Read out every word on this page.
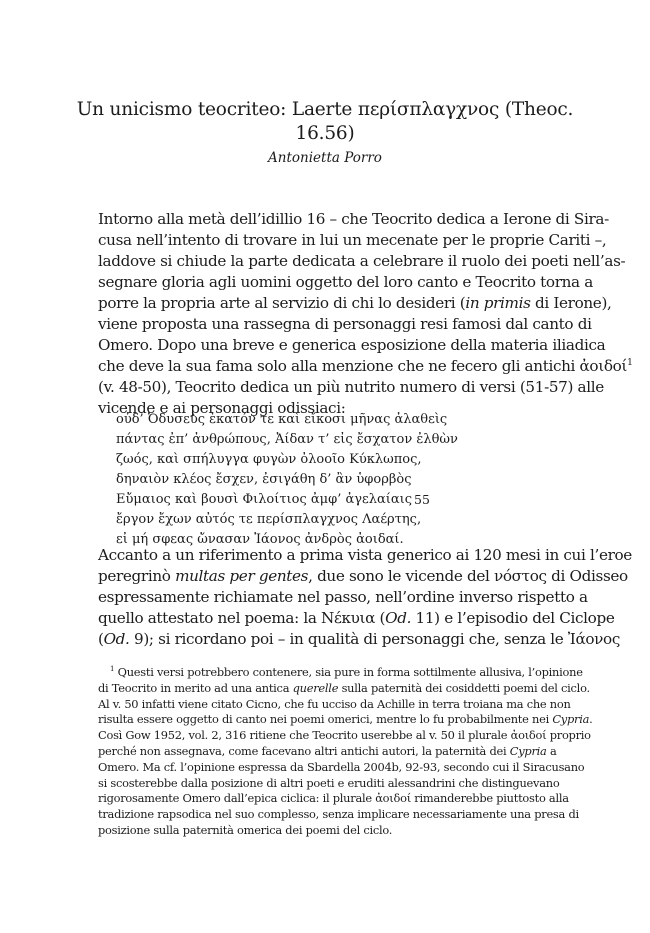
Un unicismo teocriteo: Laerte περίσπλαγχνος (Theoc. 16.56)
Antonietta Porro
Intorno alla metà dell’idillio 16 – che Teocrito dedica a Ierone di Sira-
cusa nell’intento di trovare in lui un mecenate per le proprie Cariti –,
laddove si chiude la parte dedicata a celebrare il ruolo dei poeti nell’as-
segnare gloria agli uomini oggetto del loro canto e Teocrito torna a
porre la propria arte al servizio di chi lo desideri (in primis di Ierone),
viene proposta una rassegna di personaggi resi famosi dal canto di
Omero. Dopo una breve e generica esposizione della materia iliadica
che deve la sua fama solo alla menzione che ne fecero gli antichi ἀοιδοί$^1$
(v. 48-50), Teocrito dedica un più nutrito numero di versi (51-57) alle
vicende e ai personaggi odissiaci:
οὐδ’ Ὀδυσεὺς ἑκατόν τε καὶ εἴκοσι μῆνας ἀλαθεὶς
πάντας ἐπ’ ἀνθρώπους, Ἀίδαν τ’ εἰς ἔσχατον ἐλθὼν
ζωός, καὶ σπήλυγγα φυγὼν ὀλοοῖο Κύκλωπος,
δηναιὸν κλέος ἔσχεν, ἐσιγάθη δ’ ἂν ὑφορβὸς
Εὔμαιος καὶ βουσὶ Φιλοίτιος ἀμφ’ ἀγελαίαις 55
ἔργον ἔχων αὐτός τε περίσπλαγχνος Λαέρτης,
εἰ μή σφεας ὤνασαν Ἰάονος ἀνδρὸς ἀοιδαί.
Accanto a un riferimento a prima vista generico ai 120 mesi in cui l’eroe
peregrinò multas per gentes, due sono le vicende del νόστος di Odisseo
espressamente richiamate nel passo, nell’ordine inverso rispetto a
quello attestato nel poema: la Νέκυια (Od. 11) e l’episodio del Ciclope
(Od. 9); si ricordano poi – in qualità di personaggi che, senza le Ἰάονος
$^1$ Questi versi potrebbero contenere, sia pure in forma sottilmente allusiva, l’opinione
di Teocrito in merito ad una antica querelle sulla paternità dei cosiddetti poemi del ciclo.
Al v. 50 infatti viene citato Cicno, che fu ucciso da Achille in terra troiana ma che non
risulta essere oggetto di canto nei poemi omerici, mentre lo fu probabilmente nei Cypria.
Così Gow 1952, vol. 2, 316 ritiene che Teocrito userebbe al v. 50 il plurale ἀοιδοί proprio
perché non assegnava, come facevano altri antichi autori, la paternità dei Cypria a
Omero. Ma cf. l’opinione espressa da Sbardella 2004b, 92-93, secondo cui il Siracusano
si scosterebbe dalla posizione di altri poeti e eruditi alessandrini che distinguevano
rigorosamente Omero dall’epica ciclica: il plurale ἀοιδοί rimanderebbe piuttosto alla
tradizione rapsodica nel suo complesso, senza implicare necessariamente una presa di
posizione sulla paternità omerica dei poemi del ciclo.
